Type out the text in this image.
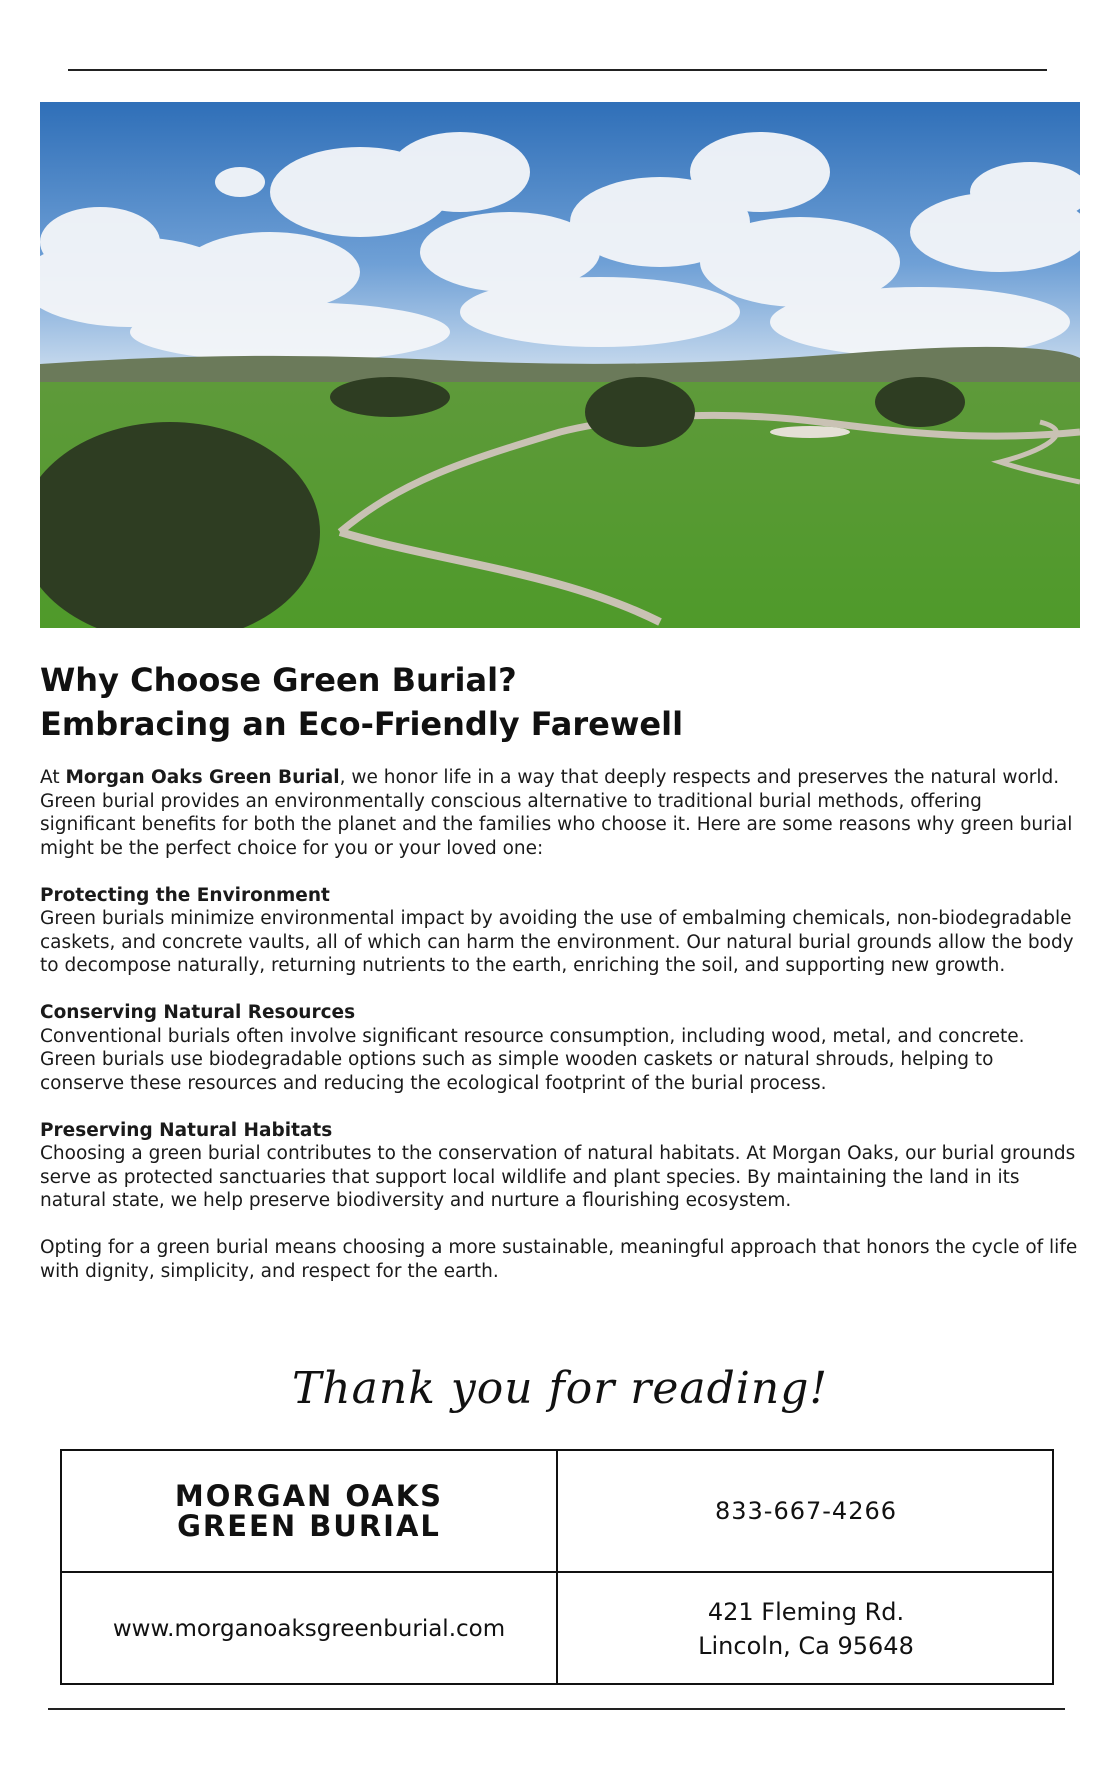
Why Choose Green Burial?
Embracing an Eco-Friendly Farewell

At Morgan Oaks Green Burial, we honor life in a way that deeply respects and preserves the natural world. Green burial provides an environmentally conscious alternative to traditional burial methods, offering significant benefits for both the planet and the families who choose it. Here are some reasons why green burial might be the perfect choice for you or your loved one:

Protecting the Environment
Green burials minimize environmental impact by avoiding the use of embalming chemicals, non-biodegradable caskets, and concrete vaults, all of which can harm the environment. Our natural burial grounds allow the body to decompose naturally, returning nutrients to the earth, enriching the soil, and supporting new growth.

Conserving Natural Resources
Conventional burials often involve significant resource consumption, including wood, metal, and concrete. Green burials use biodegradable options such as simple wooden caskets or natural shrouds, helping to conserve these resources and reducing the ecological footprint of the burial process.

Preserving Natural Habitats
Choosing a green burial contributes to the conservation of natural habitats. At Morgan Oaks, our burial grounds serve as protected sanctuaries that support local wildlife and plant species. By maintaining the land in its natural state, we help preserve biodiversity and nurture a flourishing ecosystem.

Opting for a green burial means choosing a more sustainable, meaningful approach that honors the cycle of life with dignity, simplicity, and respect for the earth.

Thank you for reading!
MORGAN OAKS
GREEN BURIAL	833-667-4266
www.morganoaksgreenburial.com
421 Fleming Rd.
Lincoln, Ca 95648
